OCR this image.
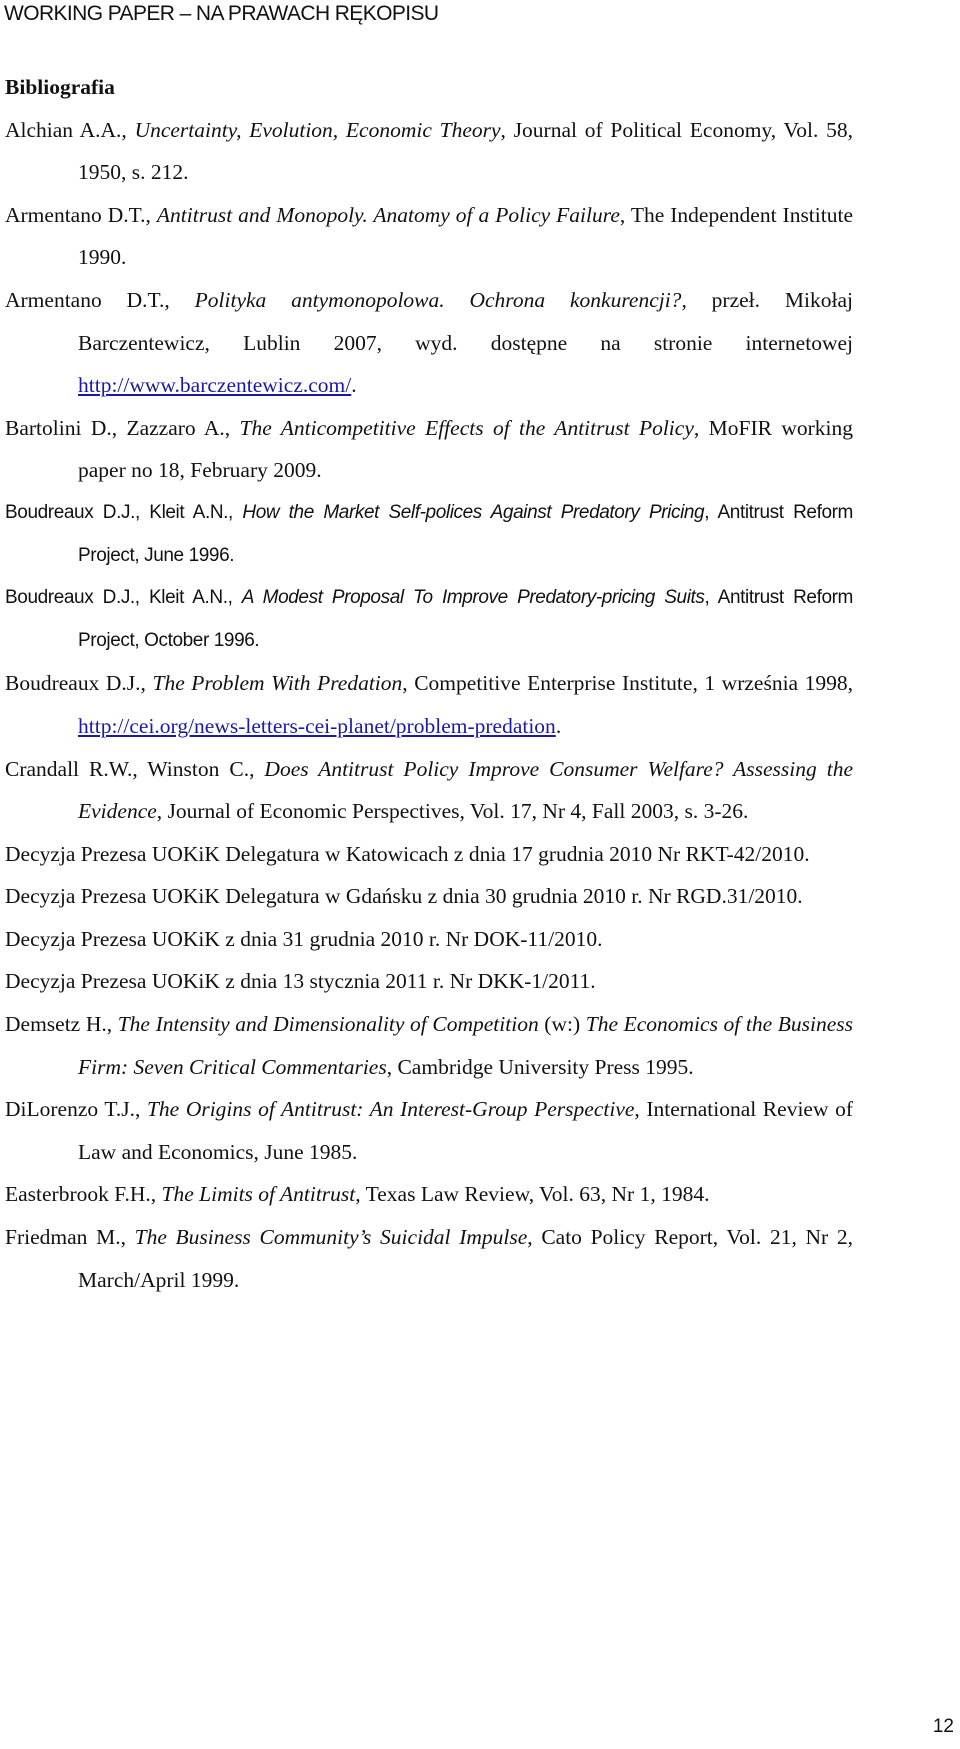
WORKING PAPER – NA PRAWACH RĘKOPISU

Bibliografia

Alchian A.A., Uncertainty, Evolution, Economic Theory, Journal of Political Economy, Vol. 58, 1950, s. 212.

Armentano D.T., Antitrust and Monopoly. Anatomy of a Policy Failure, The Independent Institute 1990.

Armentano D.T., Polityka antymonopolowa. Ochrona konkurencji?, przeł. Mikołaj Barczentewicz, Lublin 2007, wyd. dostępne na stronie internetowej http://www.barczentewicz.com/.

Bartolini D., Zazzaro A., The Anticompetitive Effects of the Antitrust Policy, MoFIR working paper no 18, February 2009.

Boudreaux D.J., Kleit A.N., How the Market Self-polices Against Predatory Pricing, Antitrust Reform Project, June 1996.

Boudreaux D.J., Kleit A.N., A Modest Proposal To Improve Predatory-pricing Suits, Antitrust Reform Project, October 1996.

Boudreaux D.J., The Problem With Predation, Competitive Enterprise Institute, 1 września 1998, http://cei.org/news-letters-cei-planet/problem-predation.

Crandall R.W., Winston C., Does Antitrust Policy Improve Consumer Welfare? Assessing the Evidence, Journal of Economic Perspectives, Vol. 17, Nr 4, Fall 2003, s. 3-26.

Decyzja Prezesa UOKiK Delegatura w Katowicach z dnia 17 grudnia 2010 Nr RKT-42/2010.

Decyzja Prezesa UOKiK Delegatura w Gdańsku z dnia 30 grudnia 2010 r. Nr RGD.31/2010.

Decyzja Prezesa UOKiK z dnia 31 grudnia 2010 r. Nr DOK-11/2010.

Decyzja Prezesa UOKiK z dnia 13 stycznia 2011 r. Nr DKK-1/2011.

Demsetz H., The Intensity and Dimensionality of Competition (w:) The Economics of the Business Firm: Seven Critical Commentaries, Cambridge University Press 1995.

DiLorenzo T.J., The Origins of Antitrust: An Interest-Group Perspective, International Review of Law and Economics, June 1985.

Easterbrook F.H., The Limits of Antitrust, Texas Law Review, Vol. 63, Nr 1, 1984.

Friedman M., The Business Community’s Suicidal Impulse, Cato Policy Report, Vol. 21, Nr 2, March/April 1999.

12
